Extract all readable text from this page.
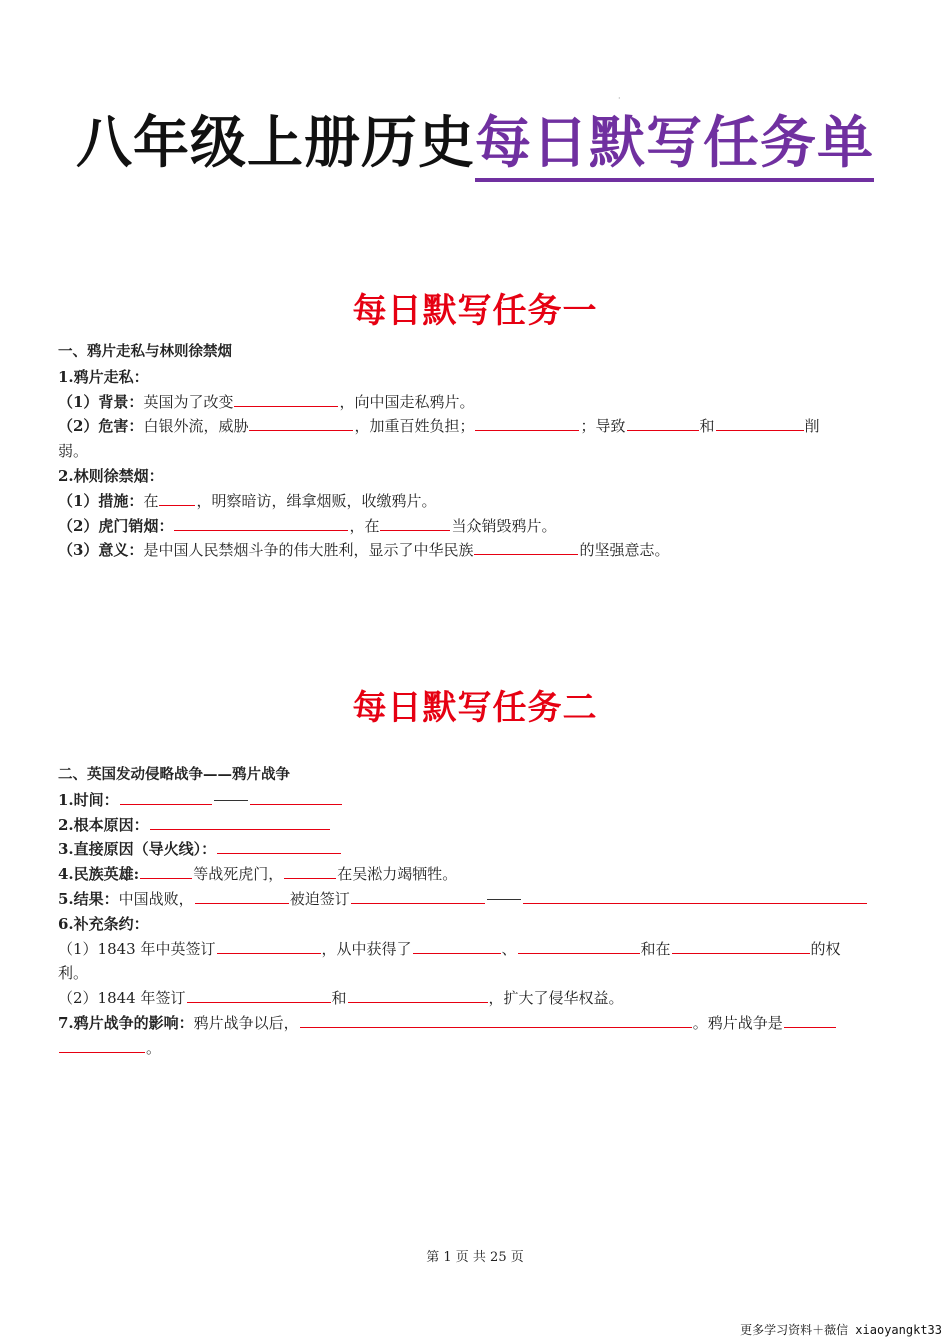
·
八年级上册历史每日默写任务单
每日默写任务一
一、鸦片走私与林则徐禁烟
1.鸦片走私：
（1）背景：英国为了改变	，向中国走私鸦片。
（2）危害：白银外流，威胁	，加重百姓负担；	；导致	和	削
弱。
2.林则徐禁烟：
（1）措施：在	，明察暗访，缉拿烟贩，收缴鸦片。
（2）虎门销烟：	，在	当众销毁鸦片。
（3）意义：是中国人民禁烟斗争的伟大胜利，显示了中华民族	的坚强意志。
每日默写任务二
二、英国发动侵略战争——鸦片战争
1.时间：
2.根本原因：
3.直接原因（导火线）：
4.民族英雄:	等战死虎门，	在吴淞力竭牺牲。
5.结果：中国战败，	被迫签订
6.补充条约：
（1）1843 年中英签订	，从中获得了	、	和在	的权
利。
（2）1844 年签订	和	，扩大了侵华权益。
7.鸦片战争的影响：鸦片战争以后，	。鸦片战争是
。
第 1 页 共 25 页
更多学习资料＋薇信 xiaoyangkt33
